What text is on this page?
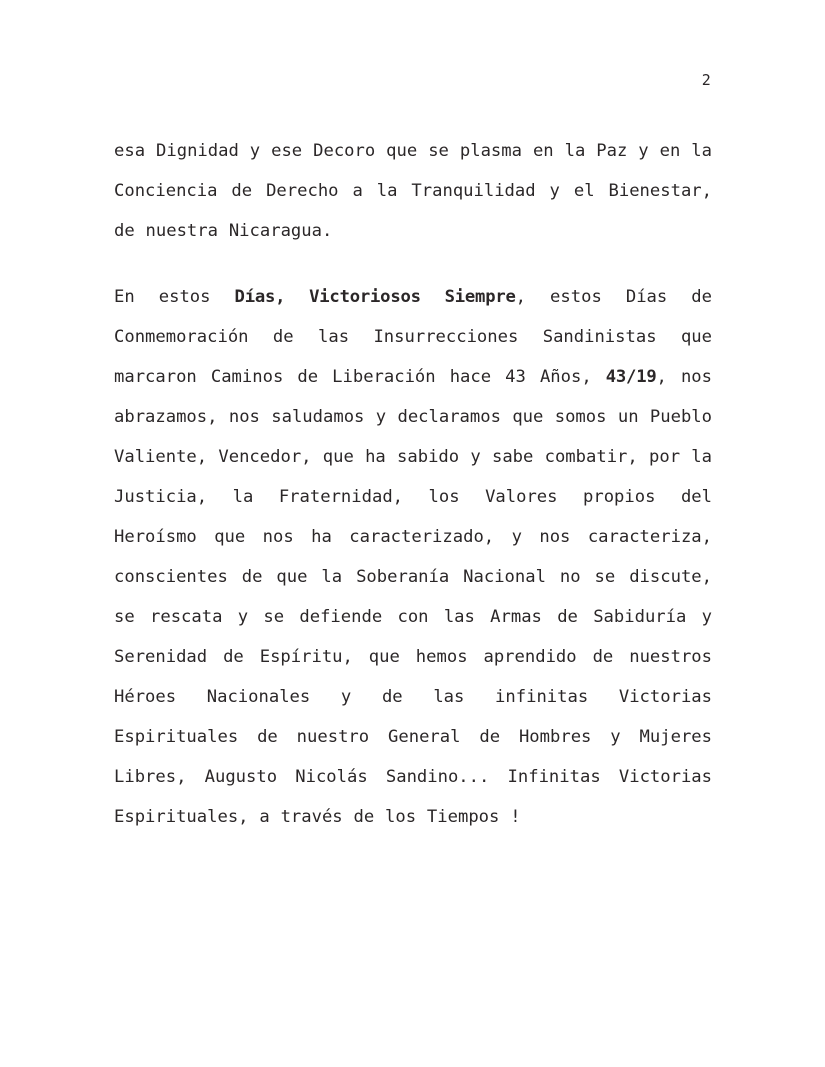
2

esa Dignidad y ese Decoro que se plasma en la Paz y en la Conciencia de Derecho a la Tranquilidad y el Bienestar, de nuestra Nicaragua.

En estos Días, Victoriosos Siempre, estos Días de Conmemoración de las Insurrecciones Sandinistas que marcaron Caminos de Liberación hace 43 Años, 43/19, nos abrazamos, nos saludamos y declaramos que somos un Pueblo Valiente, Vencedor, que ha sabido y sabe combatir, por la Justicia, la Fraternidad, los Valores propios del Heroísmo que nos ha caracterizado, y nos caracteriza, conscientes de que la Soberanía Nacional no se discute, se rescata y se defiende con las Armas de Sabiduría y Serenidad de Espíritu, que hemos aprendido de nuestros Héroes Nacionales y de las infinitas Victorias Espirituales de nuestro General de Hombres y Mujeres Libres, Augusto Nicolás Sandino... Infinitas Victorias Espirituales, a través de los Tiempos !
